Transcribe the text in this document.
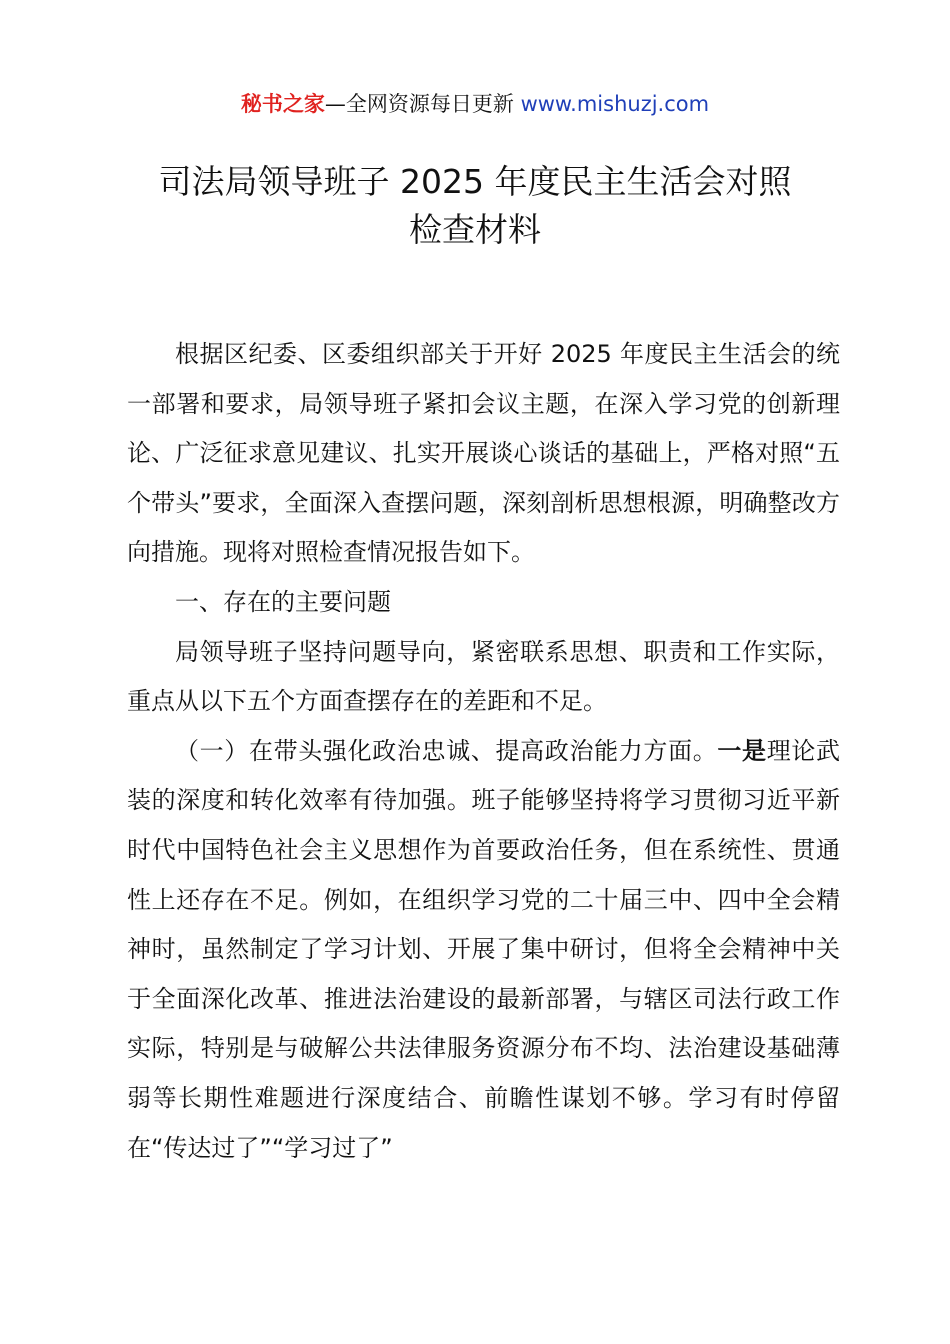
秘书之家—全网资源每日更新 www.mishuzj.com
司法局领导班子 2025 年度民主生活会对照
检查材料

根据区纪委、区委组织部关于开好 2025 年度民主生活会的统一部署和要求，局领导班子紧扣会议主题，在深入学习党的创新理论、广泛征求意见建议、扎实开展谈心谈话的基础上，严格对照“五个带头”要求，全面深入查摆问题，深刻剖析思想根源，明确整改方向措施。现将对照检查情况报告如下。

一、存在的主要问题

局领导班子坚持问题导向，紧密联系思想、职责和工作实际，重点从以下五个方面查摆存在的差距和不足。

（一）在带头强化政治忠诚、提高政治能力方面。一是理论武装的深度和转化效率有待加强。班子能够坚持将学习贯彻习近平新时代中国特色社会主义思想作为首要政治任务，但在系统性、贯通性上还存在不足。例如，在组织学习党的二十届三中、四中全会精神时，虽然制定了学习计划、开展了集中研讨，但将全会精神中关于全面深化改革、推进法治建设的最新部署，与辖区司法行政工作实际，特别是与破解公共法律服务资源分布不均、法治建设基础薄弱等长期性难题进行深度结合、前瞻性谋划不够。学习有时停留在“传达过了”“学习过了”
